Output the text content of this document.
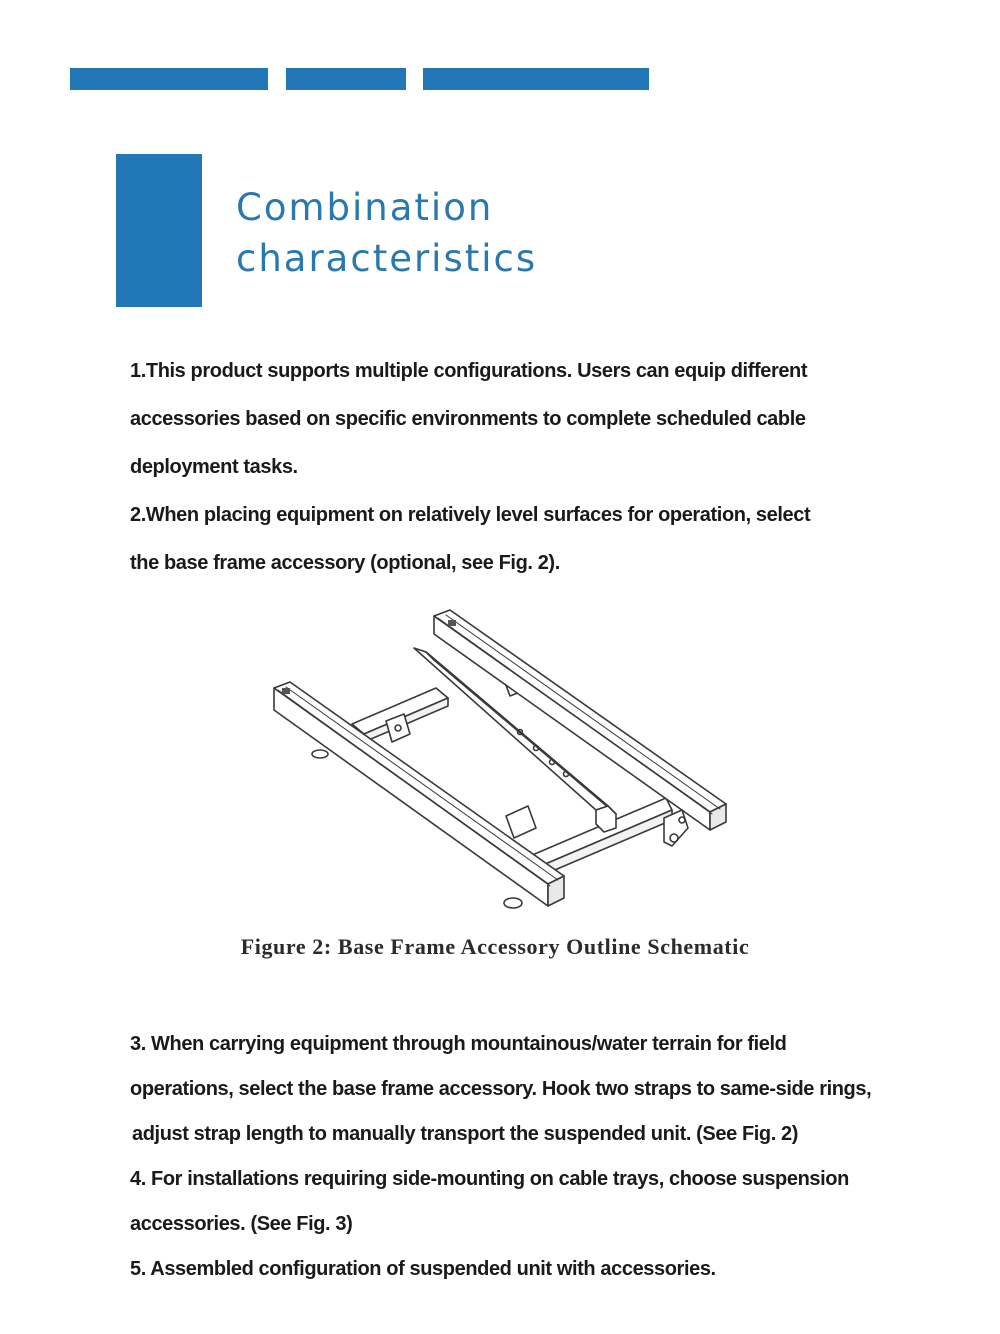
Combination
characteristics
1.This product supports multiple configurations. Users can equip different
accessories based on specific environments to complete scheduled cable
deployment tasks.
2.When placing equipment on relatively level surfaces for operation, select
the base frame accessory (optional, see Fig. 2).

Figure 2: Base Frame Accessory Outline Schematic

3. When carrying equipment through mountainous/water terrain for field
operations, select the base frame accessory. Hook two straps to same-side rings,
adjust strap length to manually transport the suspended unit. (See Fig. 2)
4. For installations requiring side-mounting on cable trays, choose suspension
accessories. (See Fig. 3)
5. Assembled configuration of suspended unit with accessories.
